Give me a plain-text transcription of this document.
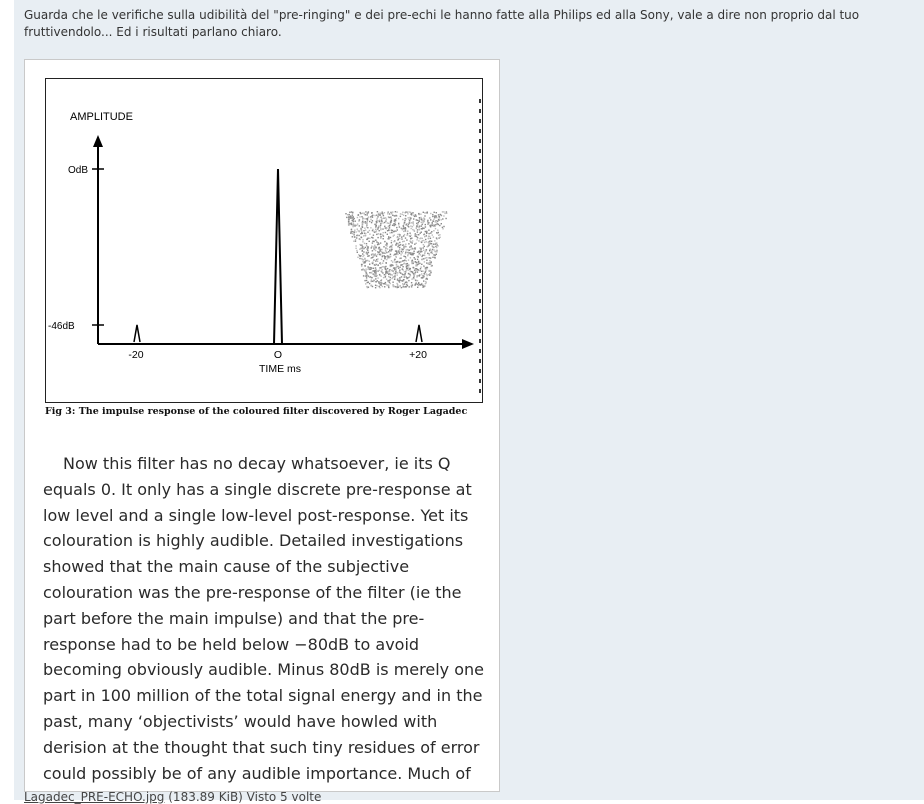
Guarda che le verifiche sulla udibilità del "pre-ringing" e dei pre-echi le hanno fatte alla Philips ed alla Sony, vale a dire non proprio dal tuo fruttivendolo... Ed i risultati parlano chiaro.
AMPLITUDE
OdB
-46dB
-20	O	+20
TIME ms
Fig 3: The impulse response of the coloured filter discovered by Roger Lagadec
Now this filter has no decay whatsoever, ie its Q equals 0. It only has a single discrete pre-response at low level and a single low-level post-response. Yet its colouration is highly audible. Detailed investigations showed that the main cause of the subjective colouration was the pre-response of the filter (ie the part before the main impulse) and that the pre-response had to be held below −80dB to avoid becoming obviously audible. Minus 80dB is merely one part in 100 million of the total signal energy and in the past, many ‘objectivists’ would have howled with derision at the thought that such tiny residues of error could possibly be of any audible importance. Much of
Lagadec_PRE-ECHO.jpg (183.89 KiB) Visto 5 volte
